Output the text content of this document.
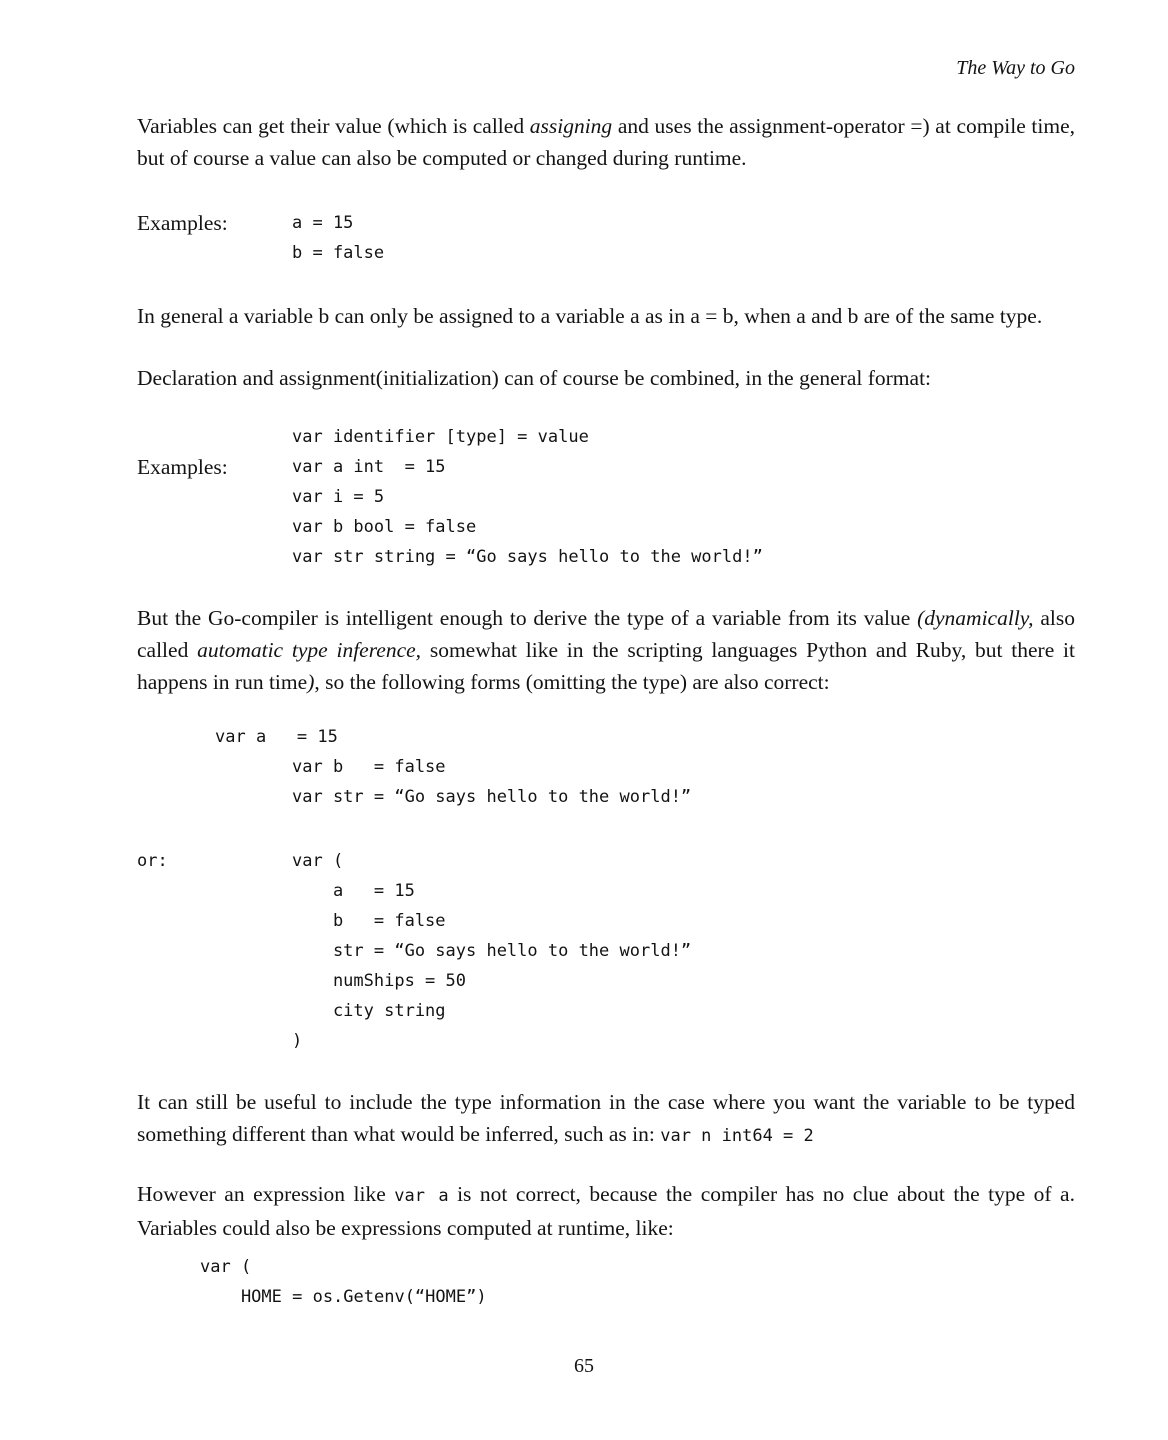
The Way to Go

Variables can get their value (which is called assigning and uses the assignment-operator =) at compile time, but of course a value can also be computed or changed during runtime.

Examples:	a = 15
b = false

In general a variable b can only be assigned to a variable a as in a = b, when a and b are of the same type.

Declaration and assignment(initialization) can of course be combined, in the general format:

Examples:
var identifier [type] = value
var a int  = 15
var i = 5
var b bool = false
var str string = “Go says hello to the world!”

But the Go-compiler is intelligent enough to derive the type of a variable from its value (dynamically, also called automatic type inference, somewhat like in the scripting languages Python and Ruby, but there it happens in run time), so the following forms (omitting the type) are also correct:

var a   = 15
var b   = false
var str = “Go says hello to the world!”
or:	var (
a   = 15
b   = false
str = “Go says hello to the world!”
numShips = 50
city string
)

It can still be useful to include the type information in the case where you want the variable to be typed something different than what would be inferred, such as in: var n int64 = 2

However an expression like var a is not correct, because the compiler has no clue about the type of a. Variables could also be expressions computed at runtime, like:

var (
HOME = os.Getenv(“HOME”)
65
